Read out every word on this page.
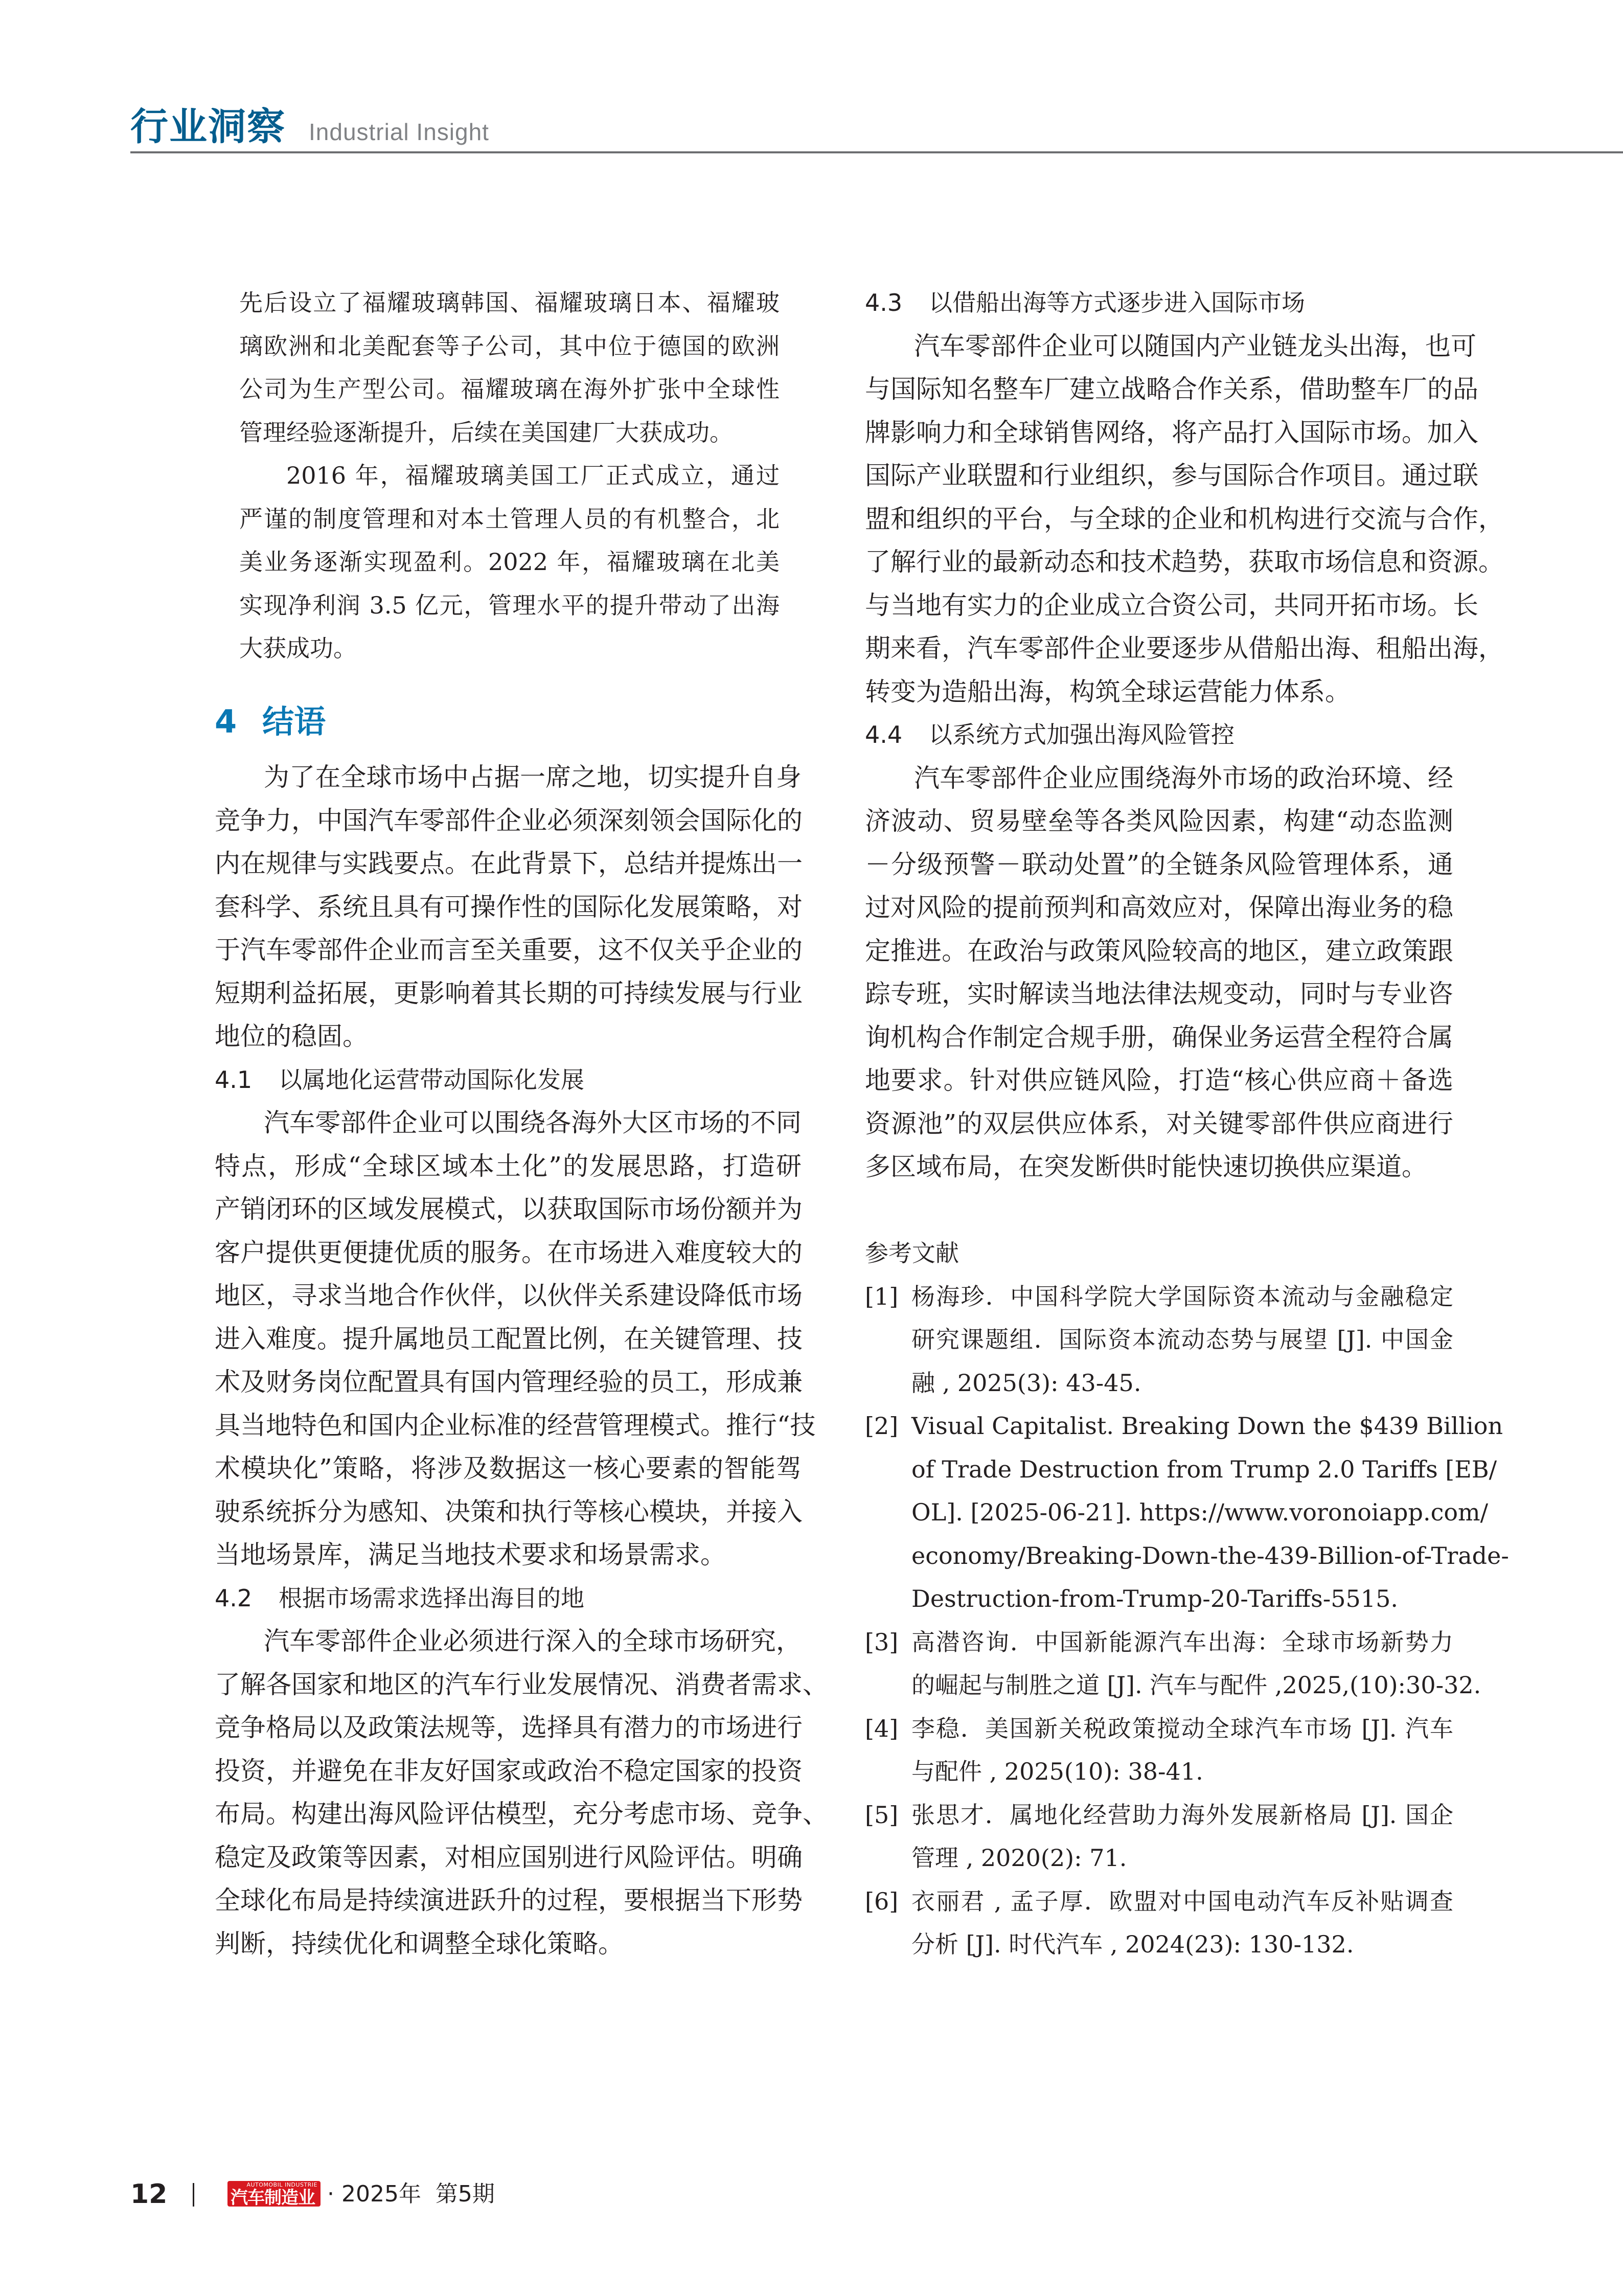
行业洞察 Industrial Insight
先后设立了福耀玻璃韩国、福耀玻璃日本、福耀玻
璃欧洲和北美配套等子公司，其中位于德国的欧洲
公司为生产型公司。福耀玻璃在海外扩张中全球性
管理经验逐渐提升，后续在美国建厂大获成功。
2016 年，福耀玻璃美国工厂正式成立，通过
严谨的制度管理和对本土管理人员的有机整合，北
美业务逐渐实现盈利。2022 年，福耀玻璃在北美
实现净利润 3.5 亿元，管理水平的提升带动了出海
大获成功。
4 结语
为了在全球市场中占据一席之地，切实提升自身
竞争力，中国汽车零部件企业必须深刻领会国际化的
内在规律与实践要点。在此背景下，总结并提炼出一
套科学、系统且具有可操作性的国际化发展策略，对
于汽车零部件企业而言至关重要，这不仅关乎企业的
短期利益拓展，更影响着其长期的可持续发展与行业
地位的稳固。
4.1 以属地化运营带动国际化发展
汽车零部件企业可以围绕各海外大区市场的不同
特点，形成“全球区域本土化”的发展思路，打造研
产销闭环的区域发展模式，以获取国际市场份额并为
客户提供更便捷优质的服务。在市场进入难度较大的
地区，寻求当地合作伙伴，以伙伴关系建设降低市场
进入难度。提升属地员工配置比例，在关键管理、技
术及财务岗位配置具有国内管理经验的员工，形成兼
具当地特色和国内企业标准的经营管理模式。推行“技
术模块化”策略，将涉及数据这一核心要素的智能驾
驶系统拆分为感知、决策和执行等核心模块，并接入
当地场景库，满足当地技术要求和场景需求。
4.2 根据市场需求选择出海目的地
汽车零部件企业必须进行深入的全球市场研究，
了解各国家和地区的汽车行业发展情况、消费者需求、
竞争格局以及政策法规等，选择具有潜力的市场进行
投资，并避免在非友好国家或政治不稳定国家的投资
布局。构建出海风险评估模型，充分考虑市场、竞争、
稳定及政策等因素，对相应国别进行风险评估。明确
全球化布局是持续演进跃升的过程，要根据当下形势
判断，持续优化和调整全球化策略。
4.3 以借船出海等方式逐步进入国际市场
汽车零部件企业可以随国内产业链龙头出海，也可
与国际知名整车厂建立战略合作关系，借助整车厂的品
牌影响力和全球销售网络，将产品打入国际市场。加入
国际产业联盟和行业组织，参与国际合作项目。通过联
盟和组织的平台，与全球的企业和机构进行交流与合作，
了解行业的最新动态和技术趋势，获取市场信息和资源。
与当地有实力的企业成立合资公司，共同开拓市场。长
期来看，汽车零部件企业要逐步从借船出海、租船出海，
转变为造船出海，构筑全球运营能力体系。
4.4 以系统方式加强出海风险管控
汽车零部件企业应围绕海外市场的政治环境、经
济波动、贸易壁垒等各类风险因素，构建“动态监测
－分级预警－联动处置”的全链条风险管理体系，通
过对风险的提前预判和高效应对，保障出海业务的稳
定推进。在政治与政策风险较高的地区，建立政策跟
踪专班，实时解读当地法律法规变动，同时与专业咨
询机构合作制定合规手册，确保业务运营全程符合属
地要求。针对供应链风险，打造“核心供应商＋备选
资源池”的双层供应体系，对关键零部件供应商进行
多区域布局，在突发断供时能快速切换供应渠道。
参考文献
[1] 杨海珍．中国科学院大学国际资本流动与金融稳定
研究课题组．国际资本流动态势与展望 [J]. 中国金
融 , 2025(3): 43-45.
[2] Visual Capitalist. Breaking Down the $439 Billion
of Trade Destruction from Trump 2.0 Tariffs [EB/
OL]. [2025-06-21]. https://www.voronoiapp.com/
economy/Breaking-Down-the-439-Billion-of-Trade-
Destruction-from-Trump-20-Tariffs-5515.
[3] 高潜咨询．中国新能源汽车出海：全球市场新势力
的崛起与制胜之道 [J]. 汽车与配件 ,2025,(10):30-32.
[4] 李稳．美国新关税政策搅动全球汽车市场 [J]. 汽车
与配件 , 2025(10): 38-41.
[5] 张思才．属地化经营助力海外发展新格局 [J]. 国企
管理 , 2020(2): 71.
[6] 衣丽君 , 孟子厚．欧盟对中国电动汽车反补贴调查
分析 [J]. 时代汽车 , 2024(23): 130-132.
12	AUTOMOBIL INDUSTRIE
汽车制造业 · 2025年  第5期
